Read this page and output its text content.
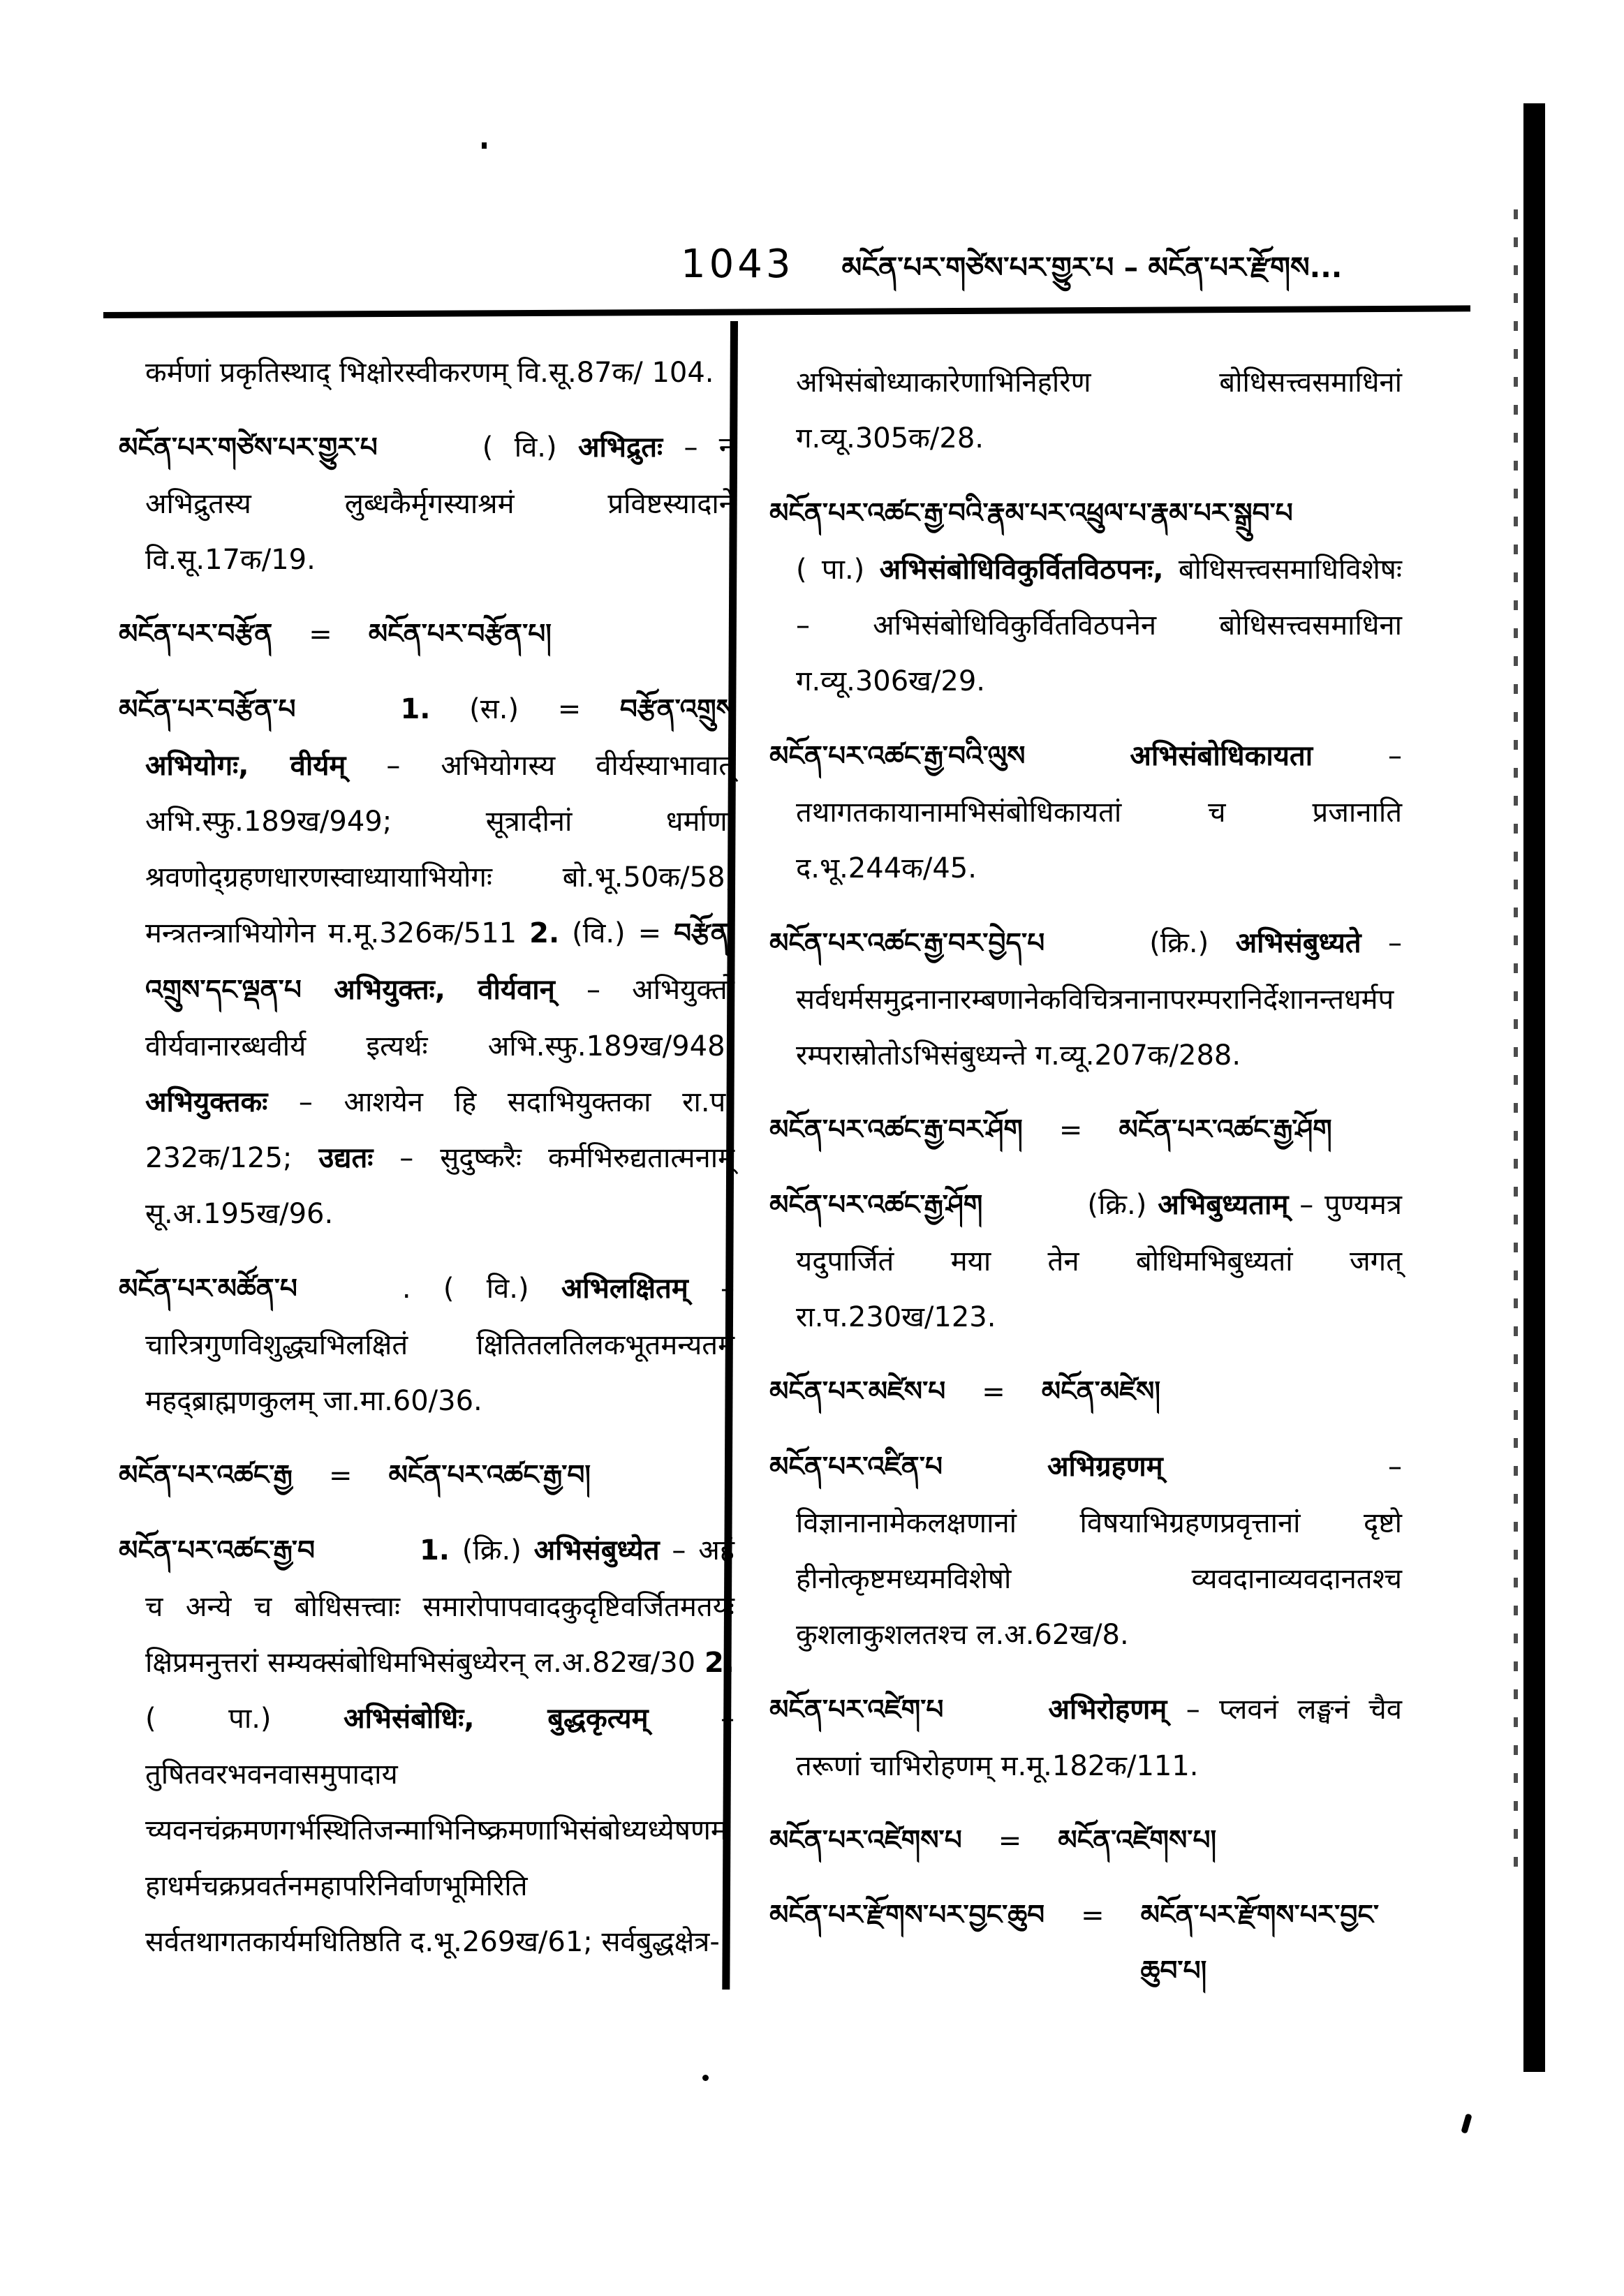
1043 མངོན་པར་གཙེས་པར་གྱུར་པ – མངོན་པར་རྫོགས...

कर्मणां प्रकृतिस्थाद् भिक्षोरस्वीकरणम् वि.सू.87क/ 104.

མངོན་པར་གཙེས་པར་གྱུར་པ	( वि.) अभिद्रुतः – न अभिद्रुतस्य लुब्धकैर्मृगस्याश्रमं प्रविष्टस्यादाने वि.सू.17क/19.

མངོན་པར་བརྩོན	=	མངོན་པར་བརྩོན་པ།

མངོན་པར་བརྩོན་པ	1. (स.) = བརྩོན་འགྲུས अभियोगः, वीर्यम् – अभियोगस्य वीर्यस्याभावात् अभि.स्फु.189ख/949; सूत्रादीनां धर्माणां श्रवणोद्ग्रहणधारणस्वाध्यायाभियोगः बो.भू.50क/58; मन्त्रतन्त्राभियोगेन म.मू.326क/511 2. (वि.) = བརྩོན་འགྲུས་དང་ལྡན་པ अभियुक्तः, वीर्यवान् – अभियुक्तो वीर्यवानारब्धवीर्य इत्यर्थः अभि.स्फु.189ख/948; अभियुक्तकः – आशयेन हि सदाभियुक्तका रा.प. 232क/125; उद्यतः – सुदुष्करैः कर्मभिरुद्यतात्मनाम् सू.अ.195ख/96.

མངོན་པར་མཚོན་པ	. ( वि.) अभिलक्षितम् – चारित्रगुणविशुद्ध्यभिलक्षितं क्षितितलतिलकभूतमन्यतमं महद्ब्राह्मणकुलम् जा.मा.60/36.

མངོན་པར་འཚང་རྒྱ	=	མངོན་པར་འཚང་རྒྱ་བ།

མངོན་པར་འཚང་རྒྱ་བ	1. (क्रि.) अभिसंबुध्येत – अहं च अन्ये च बोधिसत्त्वाः समारोपापवादकुदृष्टिवर्जितमतयः क्षिप्रमनुत्तरां सम्यक्संबोधिमभिसंबुध्येरन् ल.अ.82ख/30 2. ( पा.) अभिसंबोधिः, बुद्धकृत्यम् – तुषितवरभवनवासमुपादाय च्यवनचंक्रमणगर्भस्थितिजन्माभिनिष्क्रमणाभिसंबोध्यध्येषणमहाधर्मचक्रप्रवर्तनमहापरिनिर्वाणभूमिरिति सर्वतथागतकार्यमधितिष्ठति द.भू.269ख/61; सर्वबुद्धक्षेत्र-

अभिसंबोध्याकारेणाभिनिर्हारेण बोधिसत्त्वसमाधिनां ग.व्यू.305क/28.

མངོན་པར་འཚང་རྒྱ་བའི་རྣམ་པར་འཕྲུལ་པ་རྣམ་པར་སྒྲུབ་པ( पा.) अभिसंबोधिविकुर्वितविठपनः, बोधिसत्त्वसमाधिविशेषः – अभिसंबोधिविकुर्वितविठपनेन बोधिसत्त्वसमाधिना ग.व्यू.306ख/29.

མངོན་པར་འཚང་རྒྱ་བའི་ལུས	अभिसंबोधिकायता – तथागतकायानामभिसंबोधिकायतां च प्रजानाति द.भू.244क/45.

མངོན་པར་འཚང་རྒྱ་བར་བྱེད་པ	(क्रि.) अभिसंबुध्यते – सर्वधर्मसमुद्रनानारम्बणानेकविचित्रनानापरम्परानिर्देशानन्तधर्मपरम्परास्रोतोऽभिसंबुध्यन्ते ग.व्यू.207क/288.

མངོན་པར་འཚང་རྒྱ་བར་ཤོག	=	མངོན་པར་འཚང་རྒྱ་ཤོག

མངོན་པར་འཚང་རྒྱ་ཤོག	(क्रि.) अभिबुध्यताम् – पुण्यमत्र यदुपार्जितं मया तेन बोधिमभिबुध्यतां जगत् रा.प.230ख/123.

མངོན་པར་མཛེས་པ	=	མངོན་མཛེས།

མངོན་པར་འཛིན་པ	अभिग्रहणम् – विज्ञानानामेकलक्षणानां विषयाभिग्रहणप्रवृत्तानां दृष्टो हीनोत्कृष्टमध्यमविशेषो व्यवदानाव्यवदानतश्च कुशलाकुशलतश्च ल.अ.62ख/8.

མངོན་པར་འཛེག་པ	अभिरोहणम् – प्लवनं लङ्घनं चैव तरूणां चाभिरोहणम् म.मू.182क/111.

མངོན་པར་འཛེགས་པ	=	མངོན་འཛེགས་པ།

མངོན་པར་རྫོགས་པར་བྱང་ཆུབ	=	མངོན་པར་རྫོགས་པར་བྱང་ཆུབ་པ།
